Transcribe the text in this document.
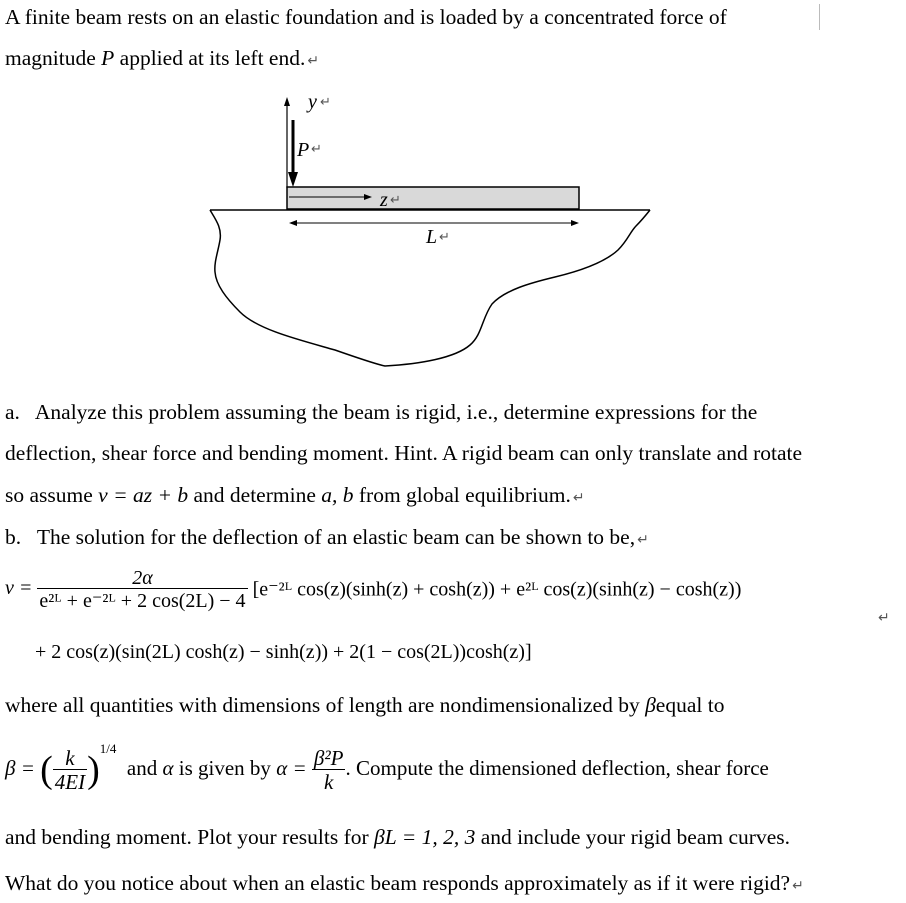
A finite beam rests on an elastic foundation and is loaded by a concentrated force of
magnitude P applied at its left end. ↵
y ↵
P ↵
z ↵
L ↵
a. Analyze this problem assuming the beam is rigid, i.e., determine expressions for the
deflection, shear force and bending moment. Hint. A rigid beam can only translate and rotate
so assume v = az + b and determine a, b from global equilibrium. ↵
b. The solution for the deflection of an elastic beam can be shown to be, ↵
$v = \frac{2\alpha}{\text{e²ᴸ + e⁻²ᴸ + 2 cos(2L) − 4}}$ [e⁻²ᴸ cos(z)(sinh(z) + cosh(z)) + e²ᴸ cos(z)(sinh(z) − cosh(z))
↵
+ 2 cos(z)(sin(2L) cosh(z) − sinh(z)) + 2(1 − cos(2L))cosh(z)]
where all quantities with dimensions of length are nondimensionalized by βequal to
β = ( $\frac{k}{4EI} )^{1/4}$  and α is given by $\alpha = \frac{\text{β²P}}{k}$ . Compute the dimensioned deflection, shear force
and bending moment. Plot your results for βL = 1, 2, 3 and include your rigid beam curves.
What do you notice about when an elastic beam responds approximately as if it were rigid? ↵
